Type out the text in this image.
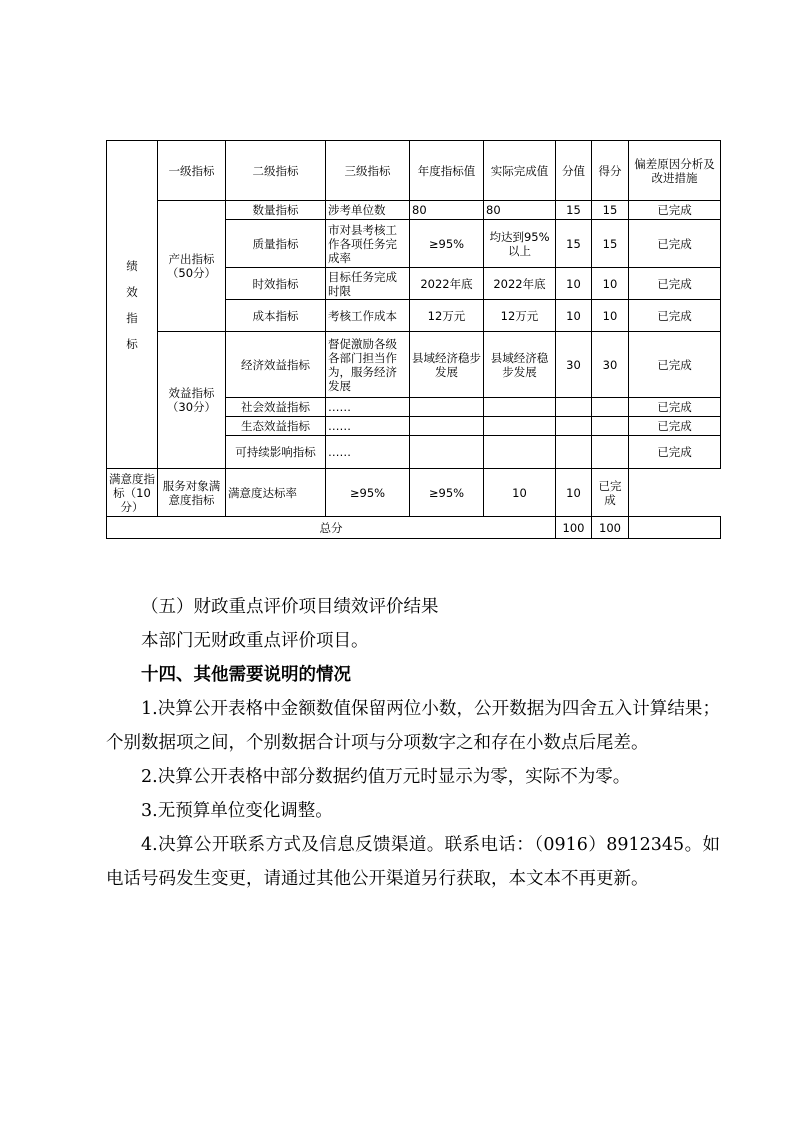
绩
效
指
标	一级指标	二级指标	三级指标	年度指标值	实际完成值	分值	得分	偏差原因分析及改进措施
	产出指标（50分）	数量指标	涉考单位数	80	80	15	15	已完成
		质量指标	市对县考核工作各项任务完成率	≥95%	均达到95%以上	15	15	已完成
		时效指标	目标任务完成时限	2022年底	2022年底	10	10	已完成
		成本指标	考核工作成本	12万元	12万元	10	10	已完成
	效益指标（30分）	经济效益指标	督促激励各级各部门担当作为，服务经济发展	县域经济稳步发展	县域经济稳步发展	30	30	已完成
		社会效益指标	……					已完成
		生态效益指标	……					已完成
		可持续影响指标	……					已完成
满意度指标（10分）	服务对象满意度指标	满意度达标率	≥95%	≥95%	10	10	已完成	
总分						100	100	

（五）财政重点评价项目绩效评价结果

本部门无财政重点评价项目。

十四、其他需要说明的情况

1.决算公开表格中金额数值保留两位小数，公开数据为四舍五入计算结果；个别数据项之间，个别数据合计项与分项数字之和存在小数点后尾差。

2.决算公开表格中部分数据约值万元时显示为零，实际不为零。

3.无预算单位变化调整。

4.决算公开联系方式及信息反馈渠道。联系电话：（0916）8912345。如电话号码发生变更，请通过其他公开渠道另行获取，本文本不再更新。
